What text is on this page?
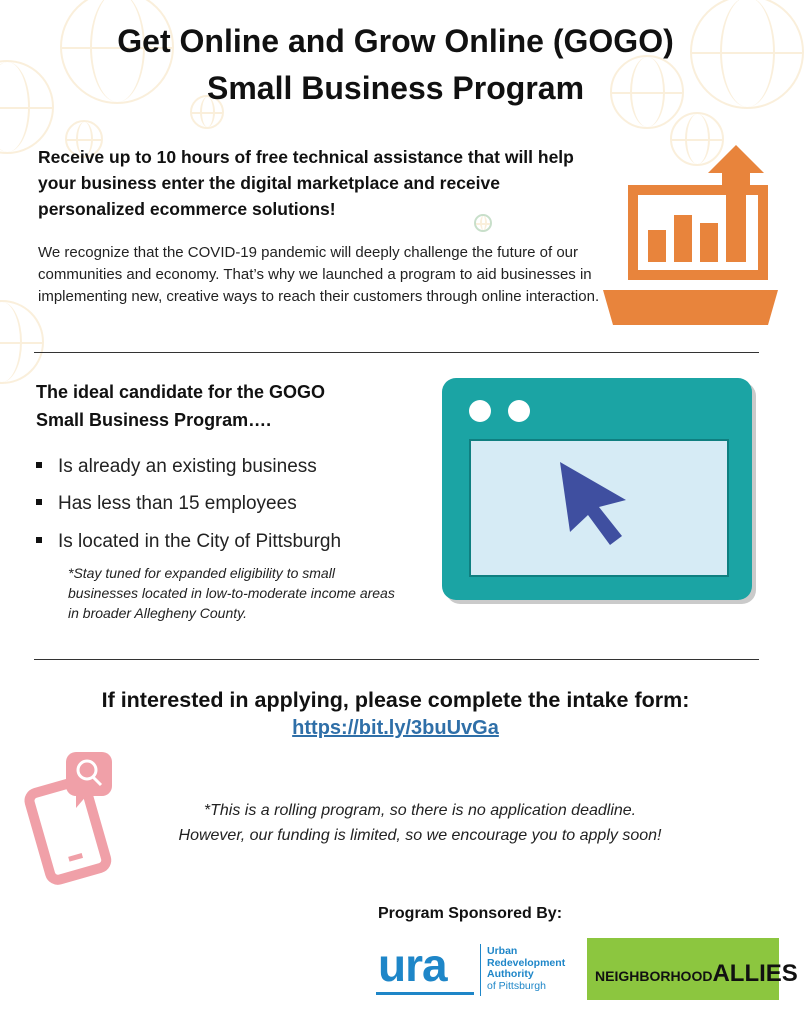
Get Online and Grow Online (GOGO)
Small Business Program
Receive up to 10 hours of free technical assistance that will help your business enter the digital marketplace and receive personalized ecommerce solutions!
We recognize that the COVID-19 pandemic will deeply challenge the future of our communities and economy. That’s why we launched a program to aid businesses in implementing new, creative ways to reach their customers through online interaction.
The ideal candidate for the GOGO
Small Business Program….
Is already an existing business
Has less than 15 employees
Is located in the City of Pittsburgh
*Stay tuned for expanded eligibility to small businesses located in low-to-moderate income areas in broader Allegheny County.
If interested in applying, please complete the intake form:
https://bit.ly/3buUvGa
*This is a rolling program, so there is no application deadline.
However, our funding is limited, so we encourage you to apply soon!
Program Sponsored By:
ura	Urban
Redevelopment
Authority
of Pittsburgh
NEIGHBORHOODALLIES
